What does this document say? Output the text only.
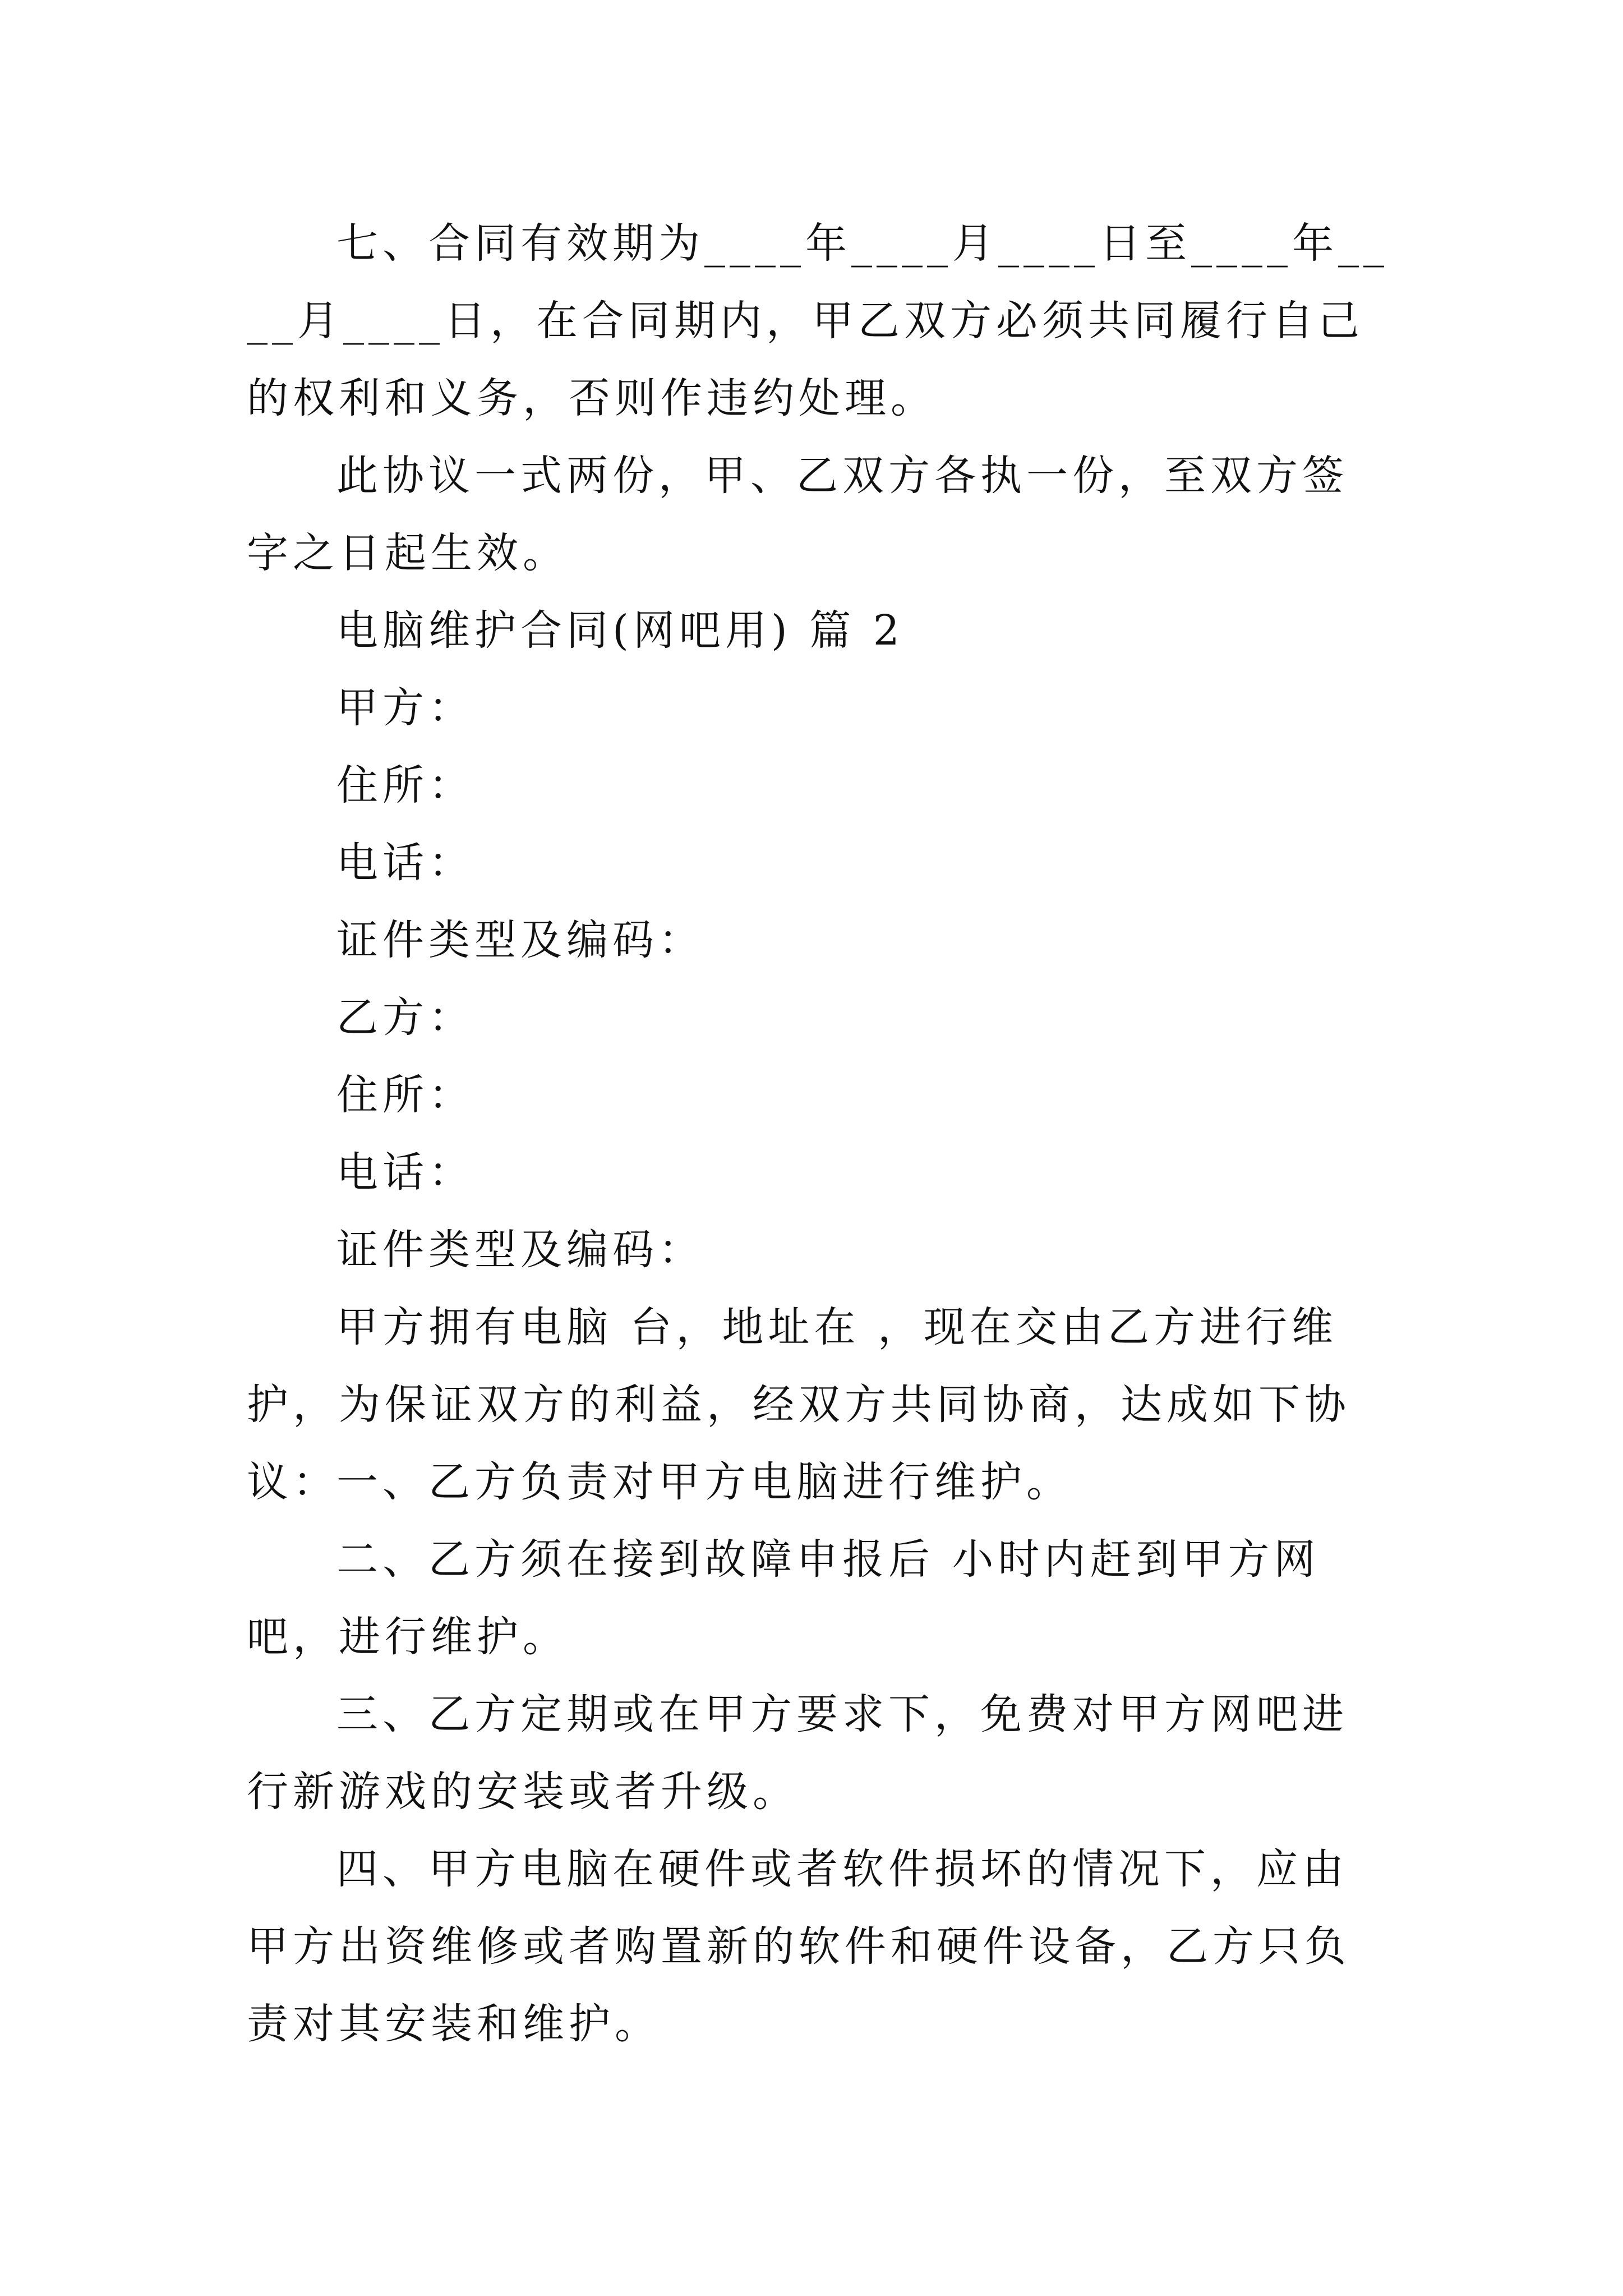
七、合同有效期为____年____月____日至____年____月____日，在合同期内，甲乙双方必须共同履行自己的权利和义务，否则作违约处理。

此协议一式两份，甲、乙双方各执一份，至双方签字之日起生效。

电脑维护合同(网吧用) 篇 2

甲方：

住所：

电话：

证件类型及编码：

乙方：

住所：

电话：

证件类型及编码：

甲方拥有电脑 台，地址在 ，现在交由乙方进行维护，为保证双方的利益，经双方共同协商，达成如下协议：

一、乙方负责对甲方电脑进行维护。

二、乙方须在接到故障申报后 小时内赶到甲方网吧，进行维护。

三、乙方定期或在甲方要求下，免费对甲方网吧进行新游戏的安装或者升级。

四、甲方电脑在硬件或者软件损坏的情况下，应由甲方出资维修或者购置新的软件和硬件设备，乙方只负责对其安装和维护。
